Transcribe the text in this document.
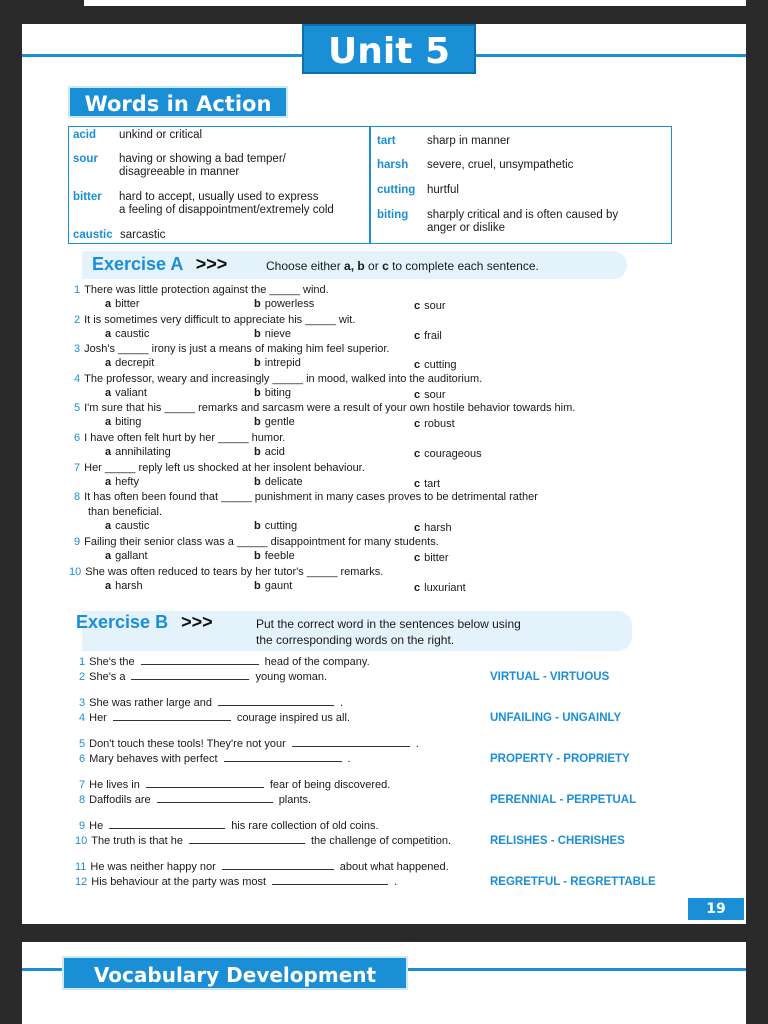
Unit 5
Words in Action
acid unkind or critical
sour having or showing a bad temper/
disagreeable in manner
bitter hard to accept, usually used to express
a feeling of disappointment/extremely cold
caustic sarcastic
tart	sharp in manner
harsh severe, cruel, unsympathetic
cutting hurtful
biting sharply critical and is often caused by
anger or dislike
Exercise A >>>	Choose either a, b or c to complete each sentence.
1 There was little protection against the _____ wind.
a bitter	b powerless	c sour
2 It is sometimes very difficult to appreciate his _____ wit.
a caustic	b nieve	c frail
3 Josh's _____ irony is just a means of making him feel superior.
a decrepit	b intrepid	c cutting
4 The professor, weary and increasingly _____ in mood, walked into the auditorium.
a valiant	b biting	c sour
5 I'm sure that his _____ remarks and sarcasm were a result of your own hostile behavior towards him.
a biting	b gentle	c robust
6 I have often felt hurt by her _____ humor.
a annihilating	b acid	c courageous
7 Her _____ reply left us shocked at her insolent behaviour.
a hefty	b delicate	c tart
8 It has often been found that _____ punishment in many cases proves to be detrimental rather
than beneficial.
a caustic	b cutting	c harsh
9 Failing their senior class was a _____ disappointment for many students.
a gallant	b feeble	c bitter
10 She was often reduced to tears by her tutor's _____ remarks.
a harsh	b gaunt	c luxuriant
Exercise B >>>	Put the correct word in the sentences below using
the corresponding words on the right.
1 She's the	head of the company.
2 She's a	young woman.
3 She was rather large and	.
4 Her	courage inspired us all.
5 Don't touch these tools! They're not your	.
6 Mary behaves with perfect	.
7 He lives in	fear of being discovered.
8 Daffodils are	plants.
9 He	his rare collection of old coins.
10 The truth is that he	the challenge of competition.
11 He was neither happy nor	about what happened.
12 His behaviour at the party was most	.
VIRTUAL - VIRTUOUS
UNFAILING - UNGAINLY
PROPERTY - PROPRIETY
PERENNIAL - PERPETUAL
RELISHES - CHERISHES
REGRETFUL - REGRETTABLE
19
Vocabulary Development
